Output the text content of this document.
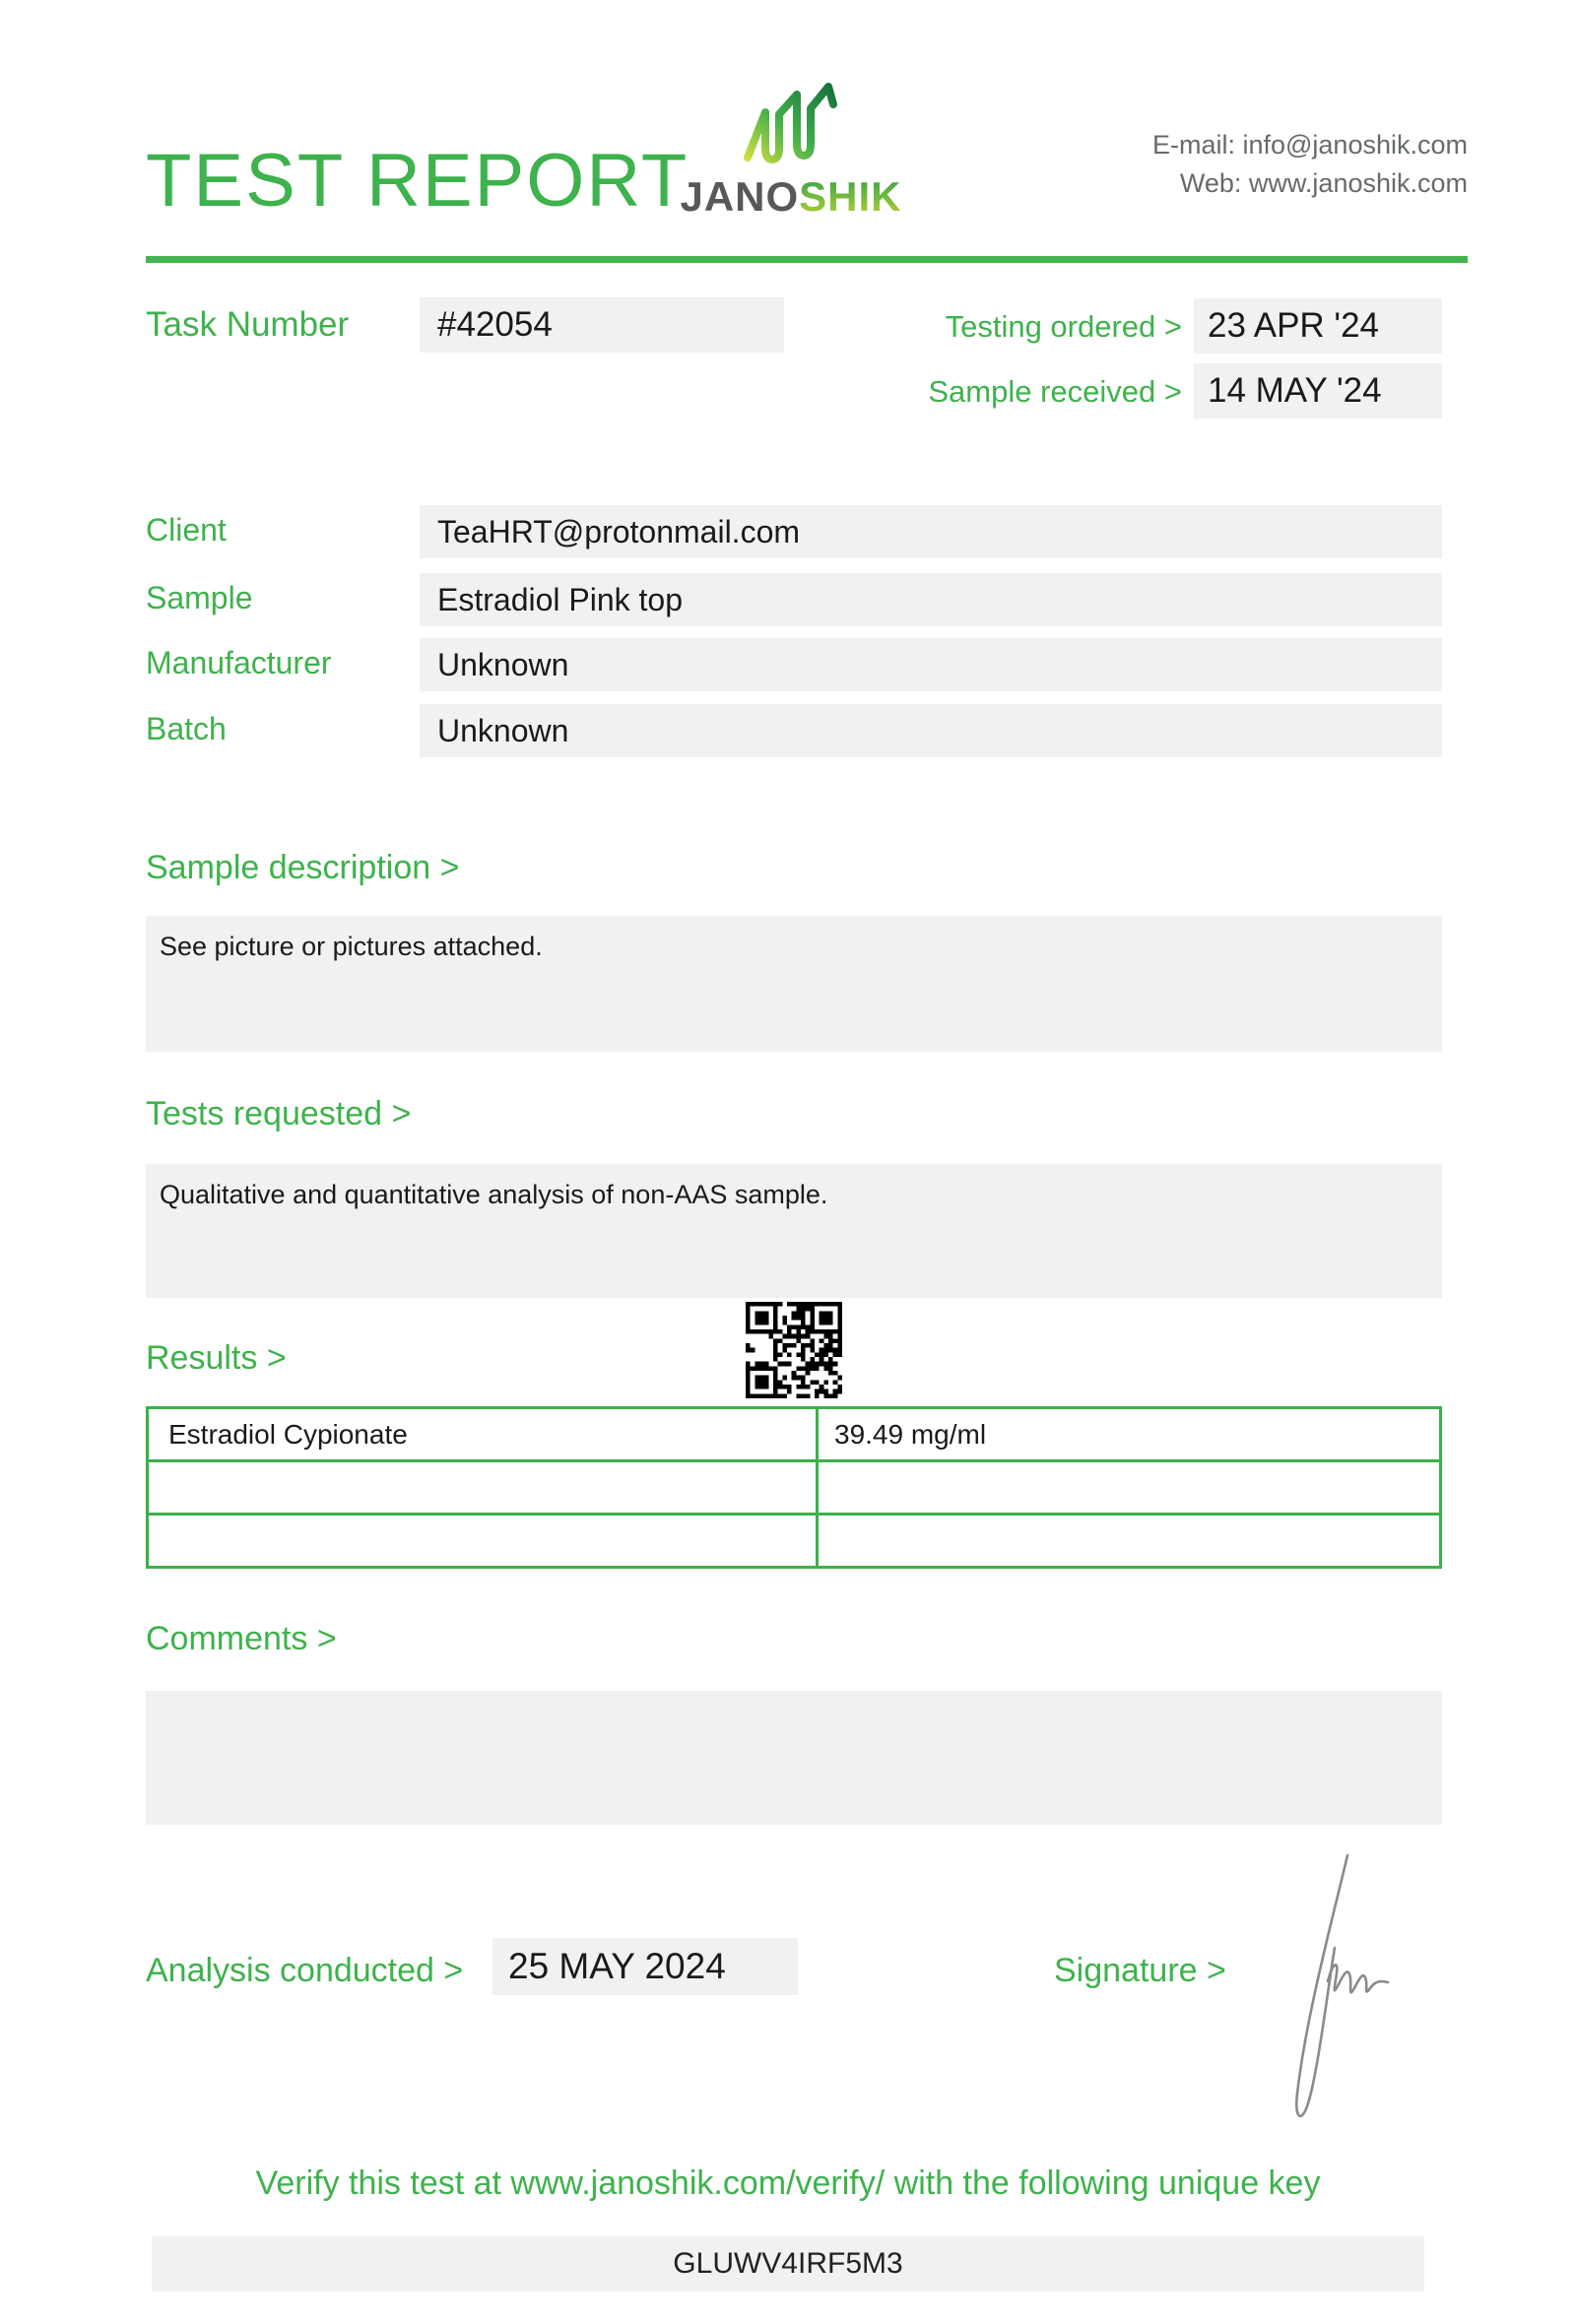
TEST REPORT
JANOSHIK
E-mail: info@janoshik.com
Web: www.janoshik.com
Task Number	#42054	Testing ordered > 23 APR '24
Sample received > 14 MAY '24
Client	TeaHRT@protonmail.com
Sample	Estradiol Pink top
Manufacturer	Unknown
Batch	Unknown
Sample description >
See picture or pictures attached.
Tests requested >
Qualitative and quantitative analysis of non-AAS sample.
Results >
Estradiol Cypionate	39.49 mg/ml

Comments >
Analysis conducted >	25 MAY 2024	Signature >
Verify this test at www.janoshik.com/verify/ with the following unique key
GLUWV4IRF5M3
